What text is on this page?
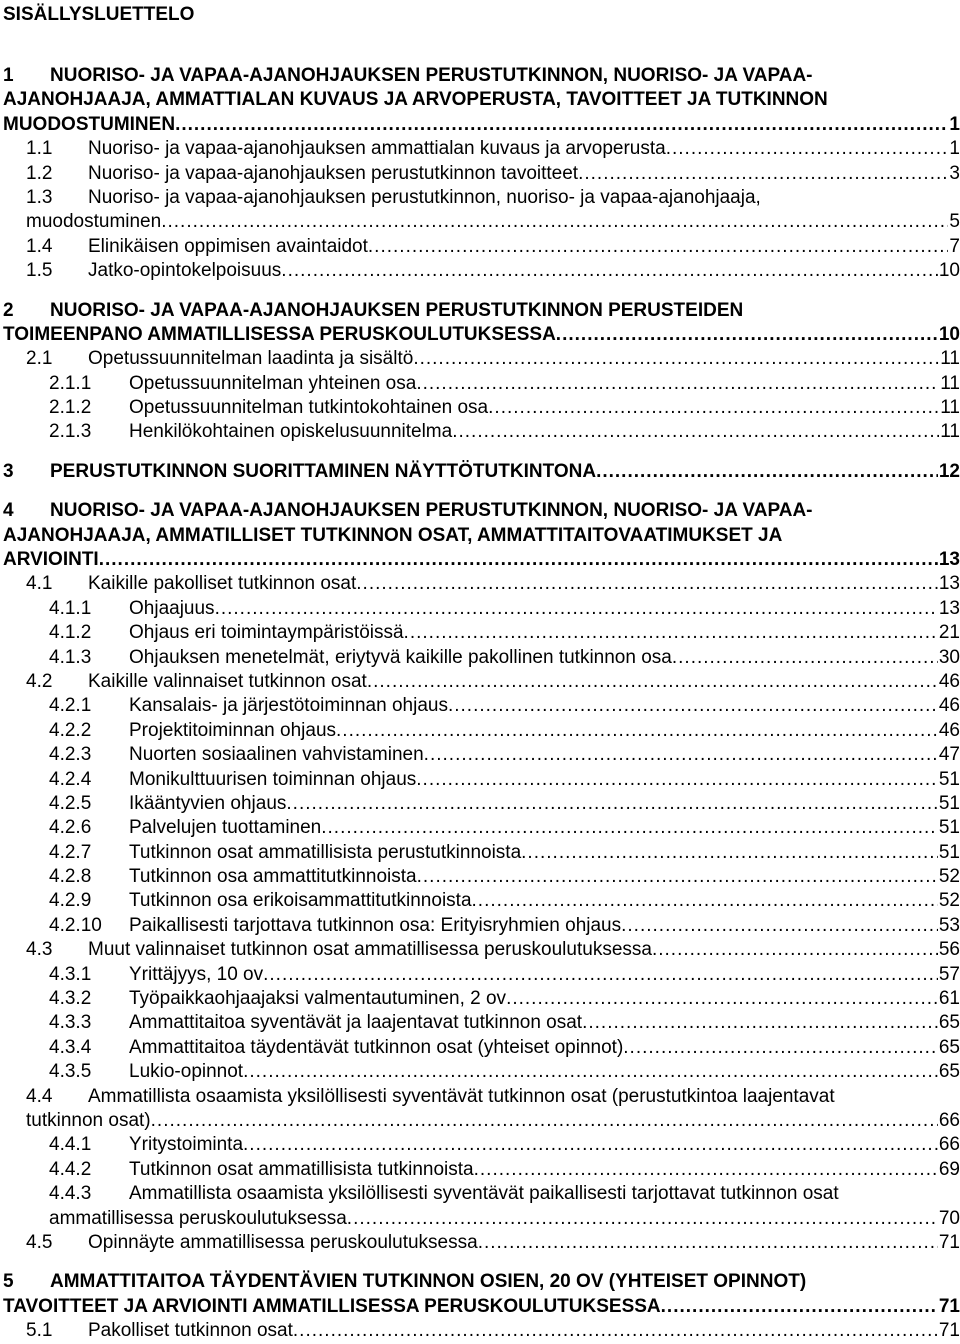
SISÄLLYSLUETTELO
1	NUORISO- JA VAPAA-AJANOHJAUKSEN PERUSTUTKINNON, NUORISO- JA VAPAA-
AJANOHJAAJA, AMMATTIALAN KUVAUS JA ARVOPERUSTA, TAVOITTEET JA TUTKINNON
MUODOSTUMINEN .....	1
1.1	Nuoriso- ja vapaa-ajanohjauksen ammattialan kuvaus ja arvoperusta .....	1
1.2	Nuoriso- ja vapaa-ajanohjauksen perustutkinnon tavoitteet .....	3
1.3	Nuoriso- ja vapaa-ajanohjauksen perustutkinnon, nuoriso- ja vapaa-ajanohjaaja,
muodostuminen .....	5
1.4	Elinikäisen oppimisen avaintaidot .....	7
1.5	Jatko-opintokelpoisuus .....	10
2	NUORISO- JA VAPAA-AJANOHJAUKSEN PERUSTUTKINNON PERUSTEIDEN
TOIMEENPANO AMMATILLISESSA PERUSKOULUTUKSESSA .....	10
2.1	Opetussuunnitelman laadinta ja sisältö .....	11
2.1.1	Opetussuunnitelman yhteinen osa .....	11
2.1.2	Opetussuunnitelman tutkintokohtainen osa .....	11
2.1.3	Henkilökohtainen opiskelusuunnitelma .....	11
3	PERUSTUTKINNON SUORITTAMINEN NÄYTTÖTUTKINTONA .....	12
4	NUORISO- JA VAPAA-AJANOHJAUKSEN PERUSTUTKINNON, NUORISO- JA VAPAA-
AJANOHJAAJA, AMMATILLISET TUTKINNON OSAT, AMMATTITAITOVAATIMUKSET JA
ARVIOINTI .....	13
4.1	Kaikille pakolliset tutkinnon osat .....	13
4.1.1	Ohjaajuus .....	13
4.1.2	Ohjaus eri toimintaympäristöissä .....	21
4.1.3	Ohjauksen menetelmät, eriytyvä kaikille pakollinen tutkinnon osa .....	30
4.2	Kaikille valinnaiset tutkinnon osat .....	46
4.2.1	Kansalais- ja järjestötoiminnan ohjaus .....	46
4.2.2	Projektitoiminnan ohjaus .....	46
4.2.3	Nuorten sosiaalinen vahvistaminen .....	47
4.2.4	Monikulttuurisen toiminnan ohjaus .....	51
4.2.5	Ikääntyvien ohjaus .....	51
4.2.6	Palvelujen tuottaminen .....	51
4.2.7	Tutkinnon osat ammatillisista perustutkinnoista .....	51
4.2.8	Tutkinnon osa ammattitutkinnoista .....	52
4.2.9	Tutkinnon osa erikoisammattitutkinnoista .....	52
4.2.10	Paikallisesti tarjottava tutkinnon osa: Erityisryhmien ohjaus .....	53
4.3	Muut valinnaiset tutkinnon osat ammatillisessa peruskoulutuksessa .....	56
4.3.1	Yrittäjyys, 10 ov .....	57
4.3.2	Työpaikkaohjaajaksi valmentautuminen, 2 ov .....	61
4.3.3	Ammattitaitoa syventävät ja laajentavat tutkinnon osat .....	65
4.3.4	Ammattitaitoa täydentävät tutkinnon osat (yhteiset opinnot) .....	65
4.3.5	Lukio-opinnot .....	65
4.4	Ammatillista osaamista yksilöllisesti syventävät tutkinnon osat (perustutkintoa laajentavat
tutkinnon osat) .....	66
4.4.1	Yritystoiminta .....	66
4.4.2	Tutkinnon osat ammatillisista tutkinnoista .....	69
4.4.3	Ammatillista osaamista yksilöllisesti syventävät paikallisesti tarjottavat tutkinnon osat
ammatillisessa peruskoulutuksessa .....	70
4.5	Opinnäyte ammatillisessa peruskoulutuksessa .....	71
5	AMMATTITAITOA TÄYDENTÄVIEN TUTKINNON OSIEN, 20 OV (YHTEISET OPINNOT)
TAVOITTEET JA ARVIOINTI AMMATILLISESSA PERUSKOULUTUKSESSA .....	71
5.1	Pakolliset tutkinnon osat .....	71
